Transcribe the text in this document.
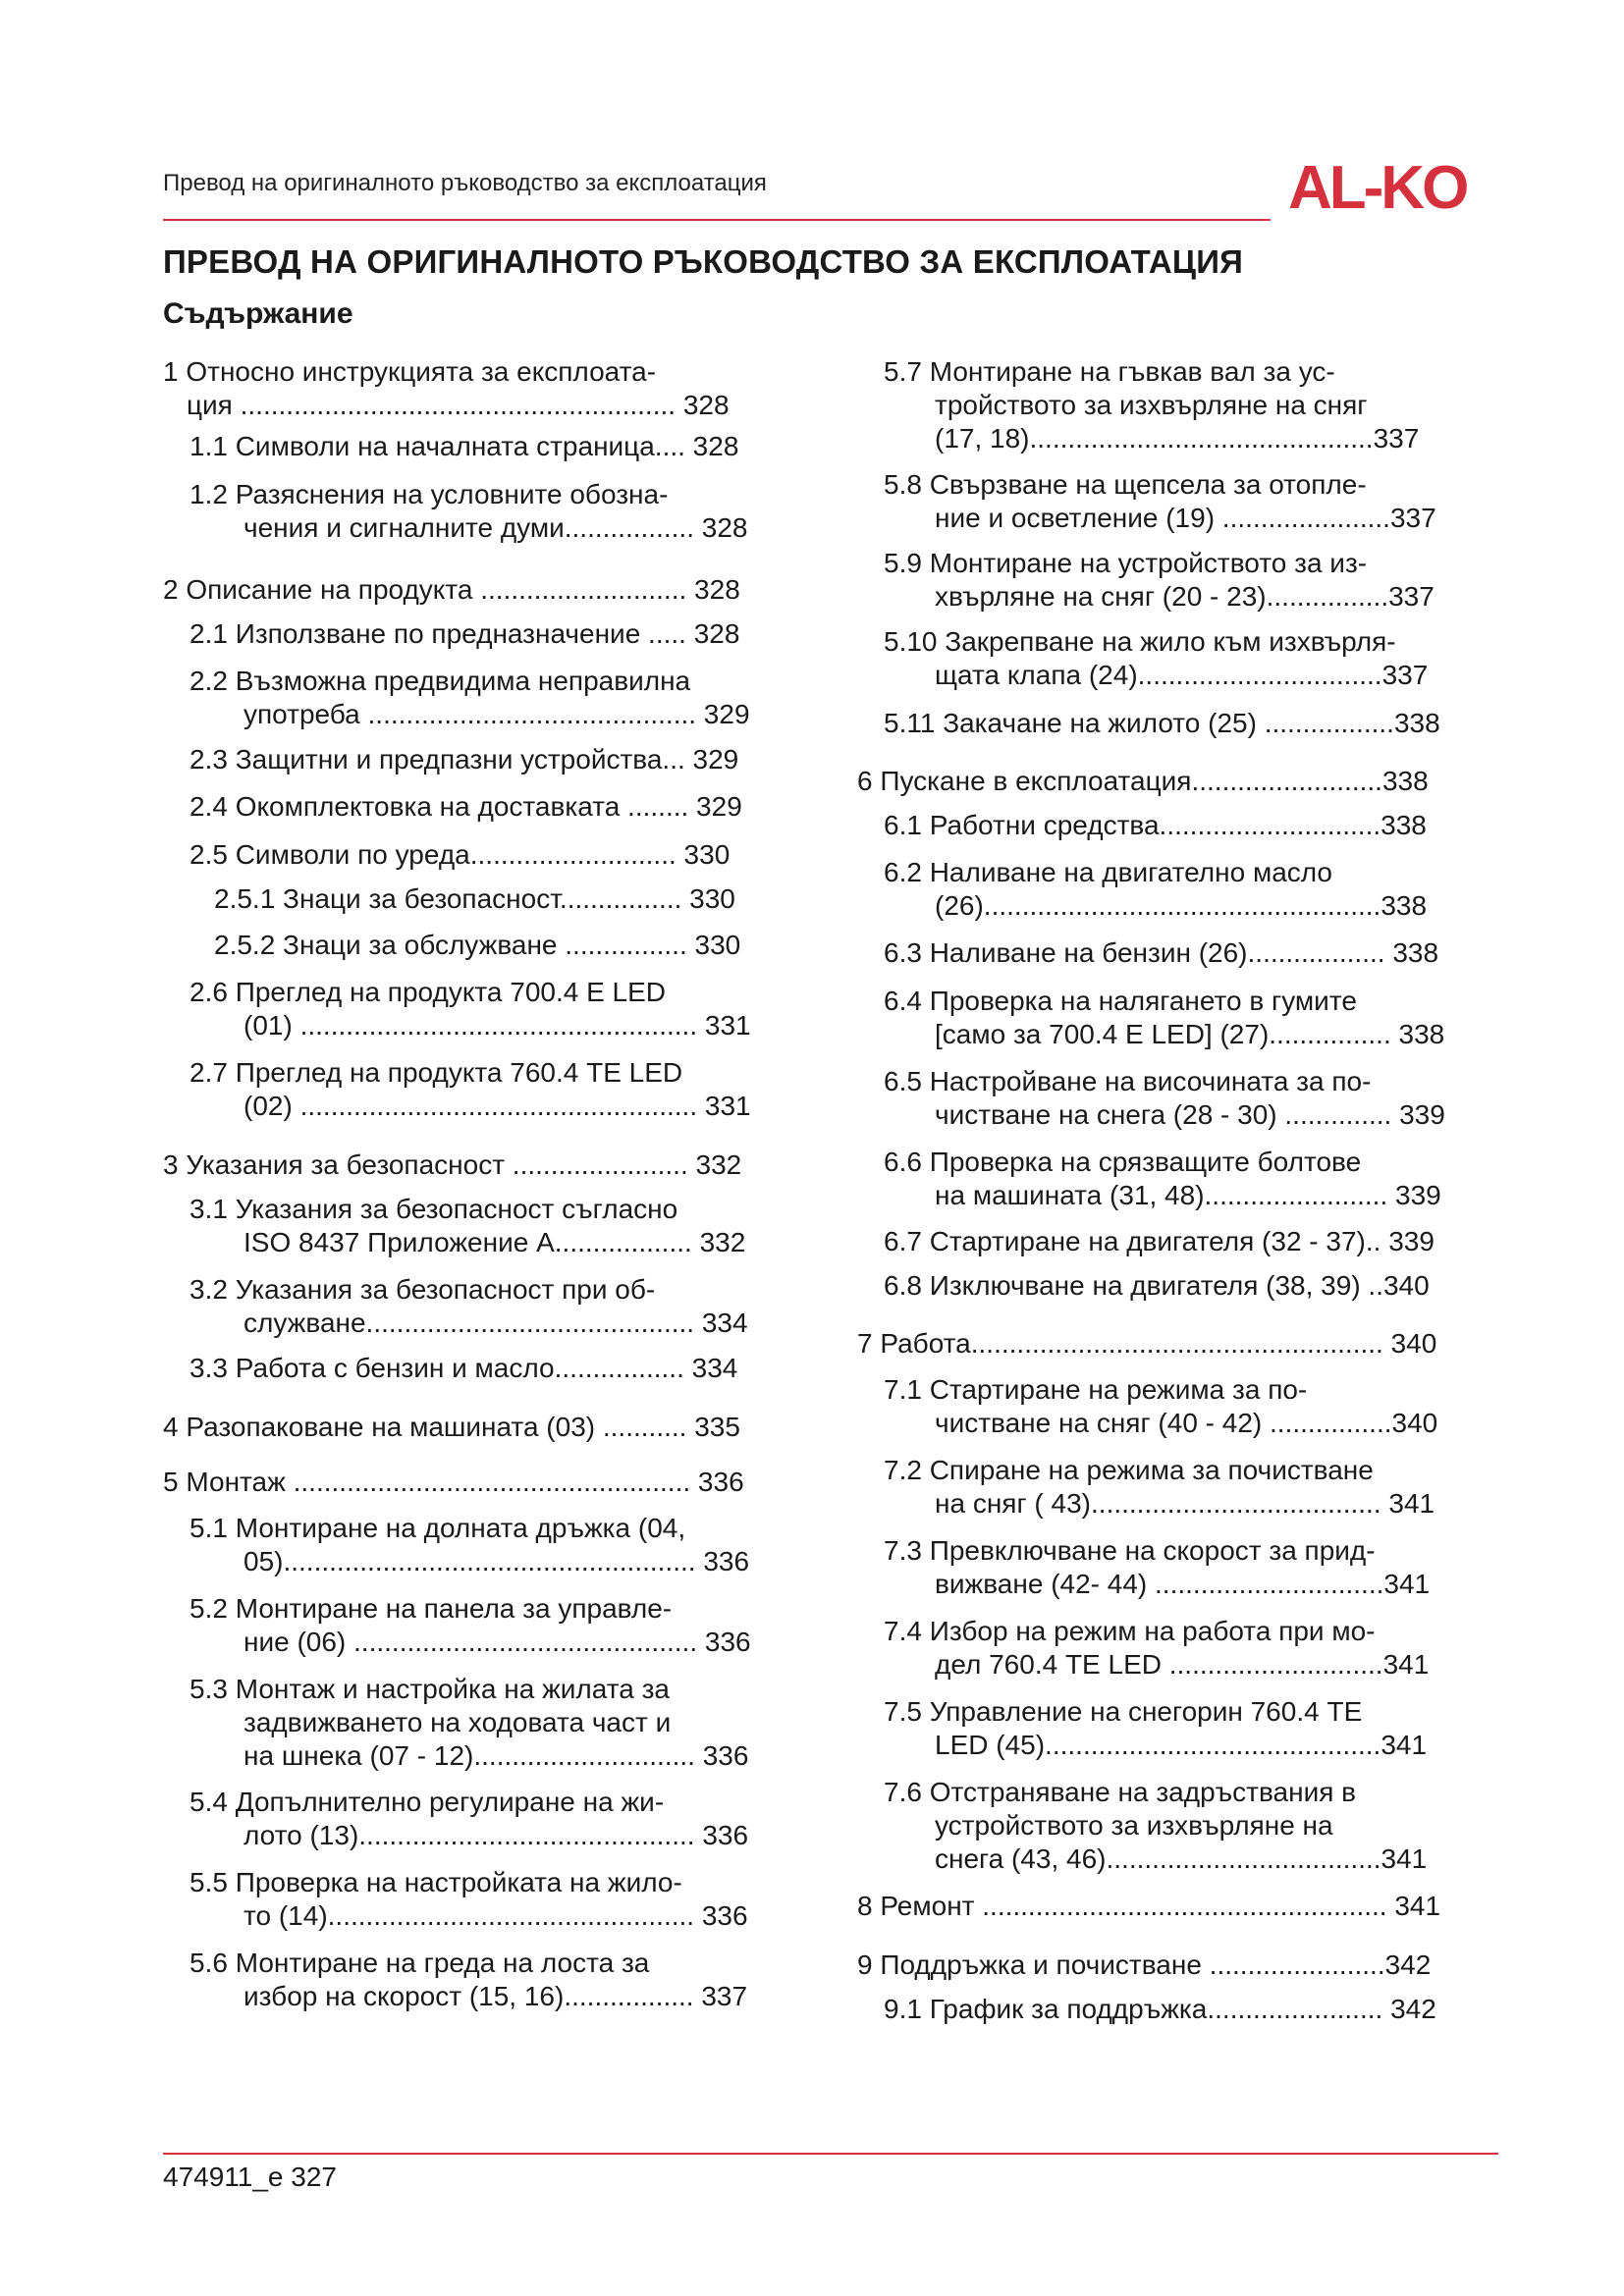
Превод на оригиналното ръководство за експлоатация	AL-KO
ПРЕВОД НА ОРИГИНАЛНОТО РЪКОВОДСТВО ЗА ЕКСПЛОАТАЦИЯ
Съдържание
1 Относно инструкцията за експлоата-
ция ......................................................... 328
1.1 Символи на началната страница.... 328
1.2 Разяснения на условните обозна-
чения и сигналните думи................. 328
2 Описание на продукта ........................... 328
2.1 Използване по предназначение ..... 328
2.2 Възможна предвидима неправилна
употреба ........................................... 329
2.3 Защитни и предпазни устройства... 329
2.4 Окомплектовка на доставката ........ 329
2.5 Символи по уреда........................... 330
2.5.1 Знаци за безопасност................ 330
2.5.2 Знаци за обслужване ................ 330
2.6 Преглед на продукта 700.4 E LED
(01) .................................................... 331
2.7 Преглед на продукта 760.4 TE LED
(02) .................................................... 331
3 Указания за безопасност ....................... 332
3.1 Указания за безопасност съгласно
ISO 8437 Приложение A.................. 332
3.2 Указания за безопасност при об-
служване........................................... 334
3.3 Работа с бензин и масло................. 334
4 Разопаковане на машината (03) ........... 335
5 Монтаж .................................................... 336
5.1 Монтиране на долната дръжка (04,
05)...................................................... 336
5.2 Монтиране на панела за управле-
ние (06) ............................................. 336
5.3 Монтаж и настройка на жилата за
задвижването на ходовата част и
на шнека (07 - 12)............................. 336
5.4 Допълнително регулиране на жи-
лото (13)............................................ 336
5.5 Проверка на настройката на жило-
то (14)................................................ 336
5.6 Монтиране на греда на лоста за
избор на скорост (15, 16)................. 337
5.7 Монтиране на гъвкав вал за ус-
тройството за изхвърляне на сняг
(17, 18).............................................337
5.8 Свързване на щепсела за отопле-
ние и осветление (19) ......................337
5.9 Монтиране на устройството за из-
хвърляне на сняг (20 - 23)................337
5.10 Закрепване на жило към изхвърля-
щата клапа (24)................................337
5.11 Закачане на жилото (25) .................338
6 Пускане в експлоатация.........................338
6.1 Работни средства.............................338
6.2 Наливане на двигателно масло
(26)....................................................338
6.3 Наливане на бензин (26).................. 338
6.4 Проверка на налягането в гумите
[само за 700.4 E LED] (27)................ 338
6.5 Настройване на височината за по-
чистване на снега (28 - 30) .............. 339
6.6 Проверка на срязващите болтове
на машината (31, 48)........................ 339
6.7 Стартиране на двигателя (32 - 37).. 339
6.8 Изключване на двигателя (38, 39) ..340
7 Работа...................................................... 340
7.1 Стартиране на режима за по-
чистване на сняг (40 - 42) ................340
7.2 Спиране на режима за почистване
на сняг ( 43)...................................... 341
7.3 Превключване на скорост за прид-
вижване (42- 44) ..............................341
7.4 Избор на режим на работа при мо-
дел 760.4 TE LED ............................341
7.5 Управление на снегорин 760.4 TE
LED (45)............................................341
7.6 Отстраняване на задръствания в
устройството за изхвърляне на
снега (43, 46)....................................341
8 Ремонт ..................................................... 341
9 Поддръжка и почистване .......................342
9.1 График за поддръжка....................... 342
474911_e 327
